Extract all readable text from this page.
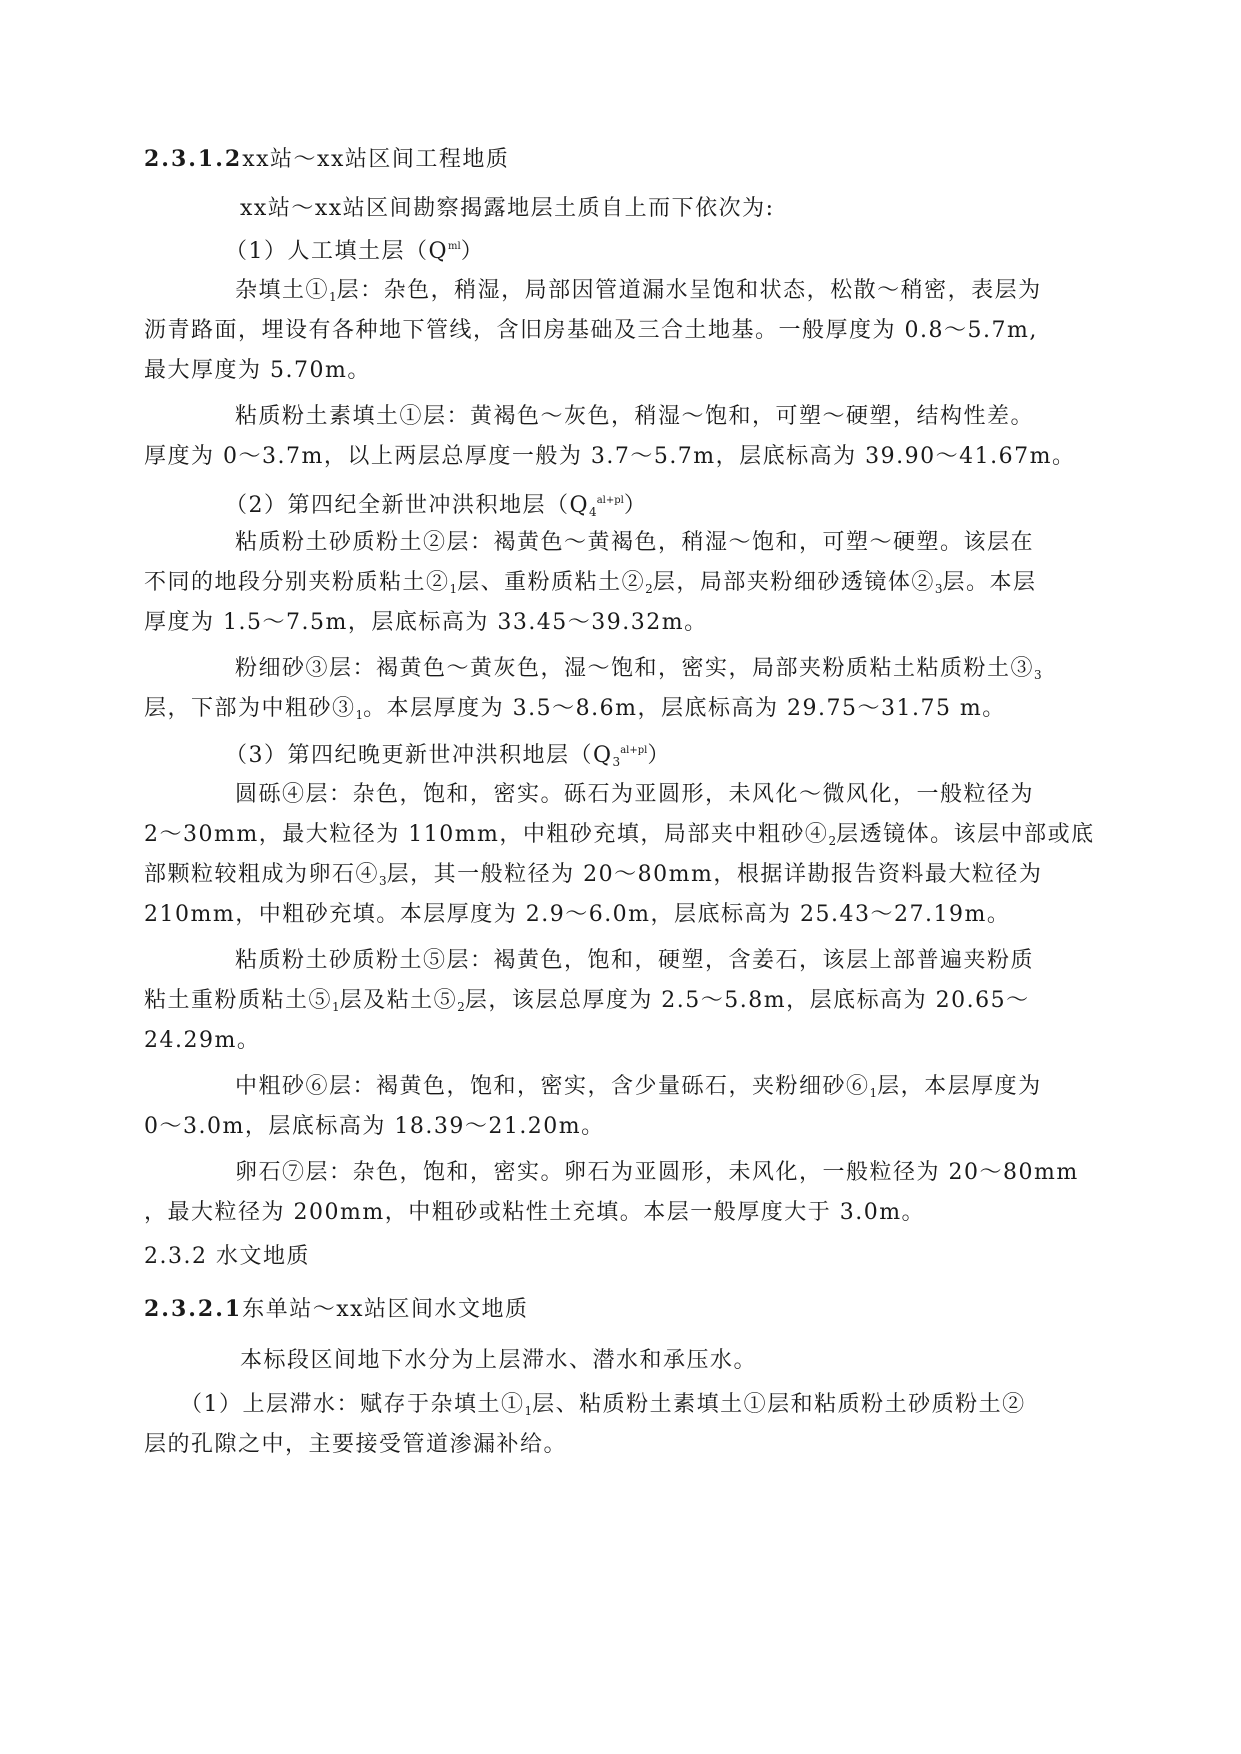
2.3.1.2xx站～xx站区间工程地质
xx站～xx站区间勘察揭露地层土质自上而下依次为:
（1）人工填土层$(Q^{ml})$
杂填土$①_1$层：杂色，稍湿，局部因管道漏水呈饱和状态，松散～稍密，表层为
沥青路面，埋设有各种地下管线，含旧房基础及三合土地基。一般厚度为 0.8～5.7m,
最大厚度为 5.70m。
粘质粉土素填土①层：黄褐色～灰色，稍湿～饱和，可塑～硬塑，结构性差。
厚度为 0～3.7m，以上两层总厚度一般为 3.7～5.7m，层底标高为 39.90～41.67m。
（2）第四纪全新世冲洪积地层$(Q_4^{al+pl})$
粘质粉土砂质粉土②层：褐黄色～黄褐色，稍湿～饱和，可塑～硬塑。该层在
不同的地段分别夹粉质粘土$②_1$层、重粉质粘土$②_2$层，局部夹粉细砂透镜体$②_3$层。本层
厚度为 1.5～7.5m，层底标高为 33.45～39.32m。
粉细砂③层：褐黄色～黄灰色，湿～饱和，密实，局部夹粉质粘土粘质粉土$③_3$
层，下部为中粗砂$③_1$。本层厚度为 3.5～8.6m，层底标高为 29.75～31.75 m。
（3）第四纪晚更新世冲洪积地层$(Q_3^{al+pl})$
圆砾④层：杂色，饱和，密实。砾石为亚圆形，未风化～微风化，一般粒径为
2～30mm，最大粒径为 110mm，中粗砂充填，局部夹中粗砂$④_2$层透镜体。该层中部或底
部颗粒较粗成为卵石$④_3$层，其一般粒径为 20～80mm，根据详勘报告资料最大粒径为
210mm，中粗砂充填。本层厚度为 2.9～6.0m，层底标高为 25.43～27.19m。
粘质粉土砂质粉土⑤层：褐黄色，饱和，硬塑，含姜石，该层上部普遍夹粉质
粘土重粉质粘土$⑤_1$层及粘土$⑤_2$层，该层总厚度为 2.5～5.8m，层底标高为 20.65～
24.29m。
中粗砂⑥层：褐黄色，饱和，密实，含少量砾石，夹粉细砂$⑥_1$层，本层厚度为
0～3.0m，层底标高为 18.39～21.20m。
卵石⑦层：杂色，饱和，密实。卵石为亚圆形，未风化，一般粒径为 20～80mm
，最大粒径为 200mm，中粗砂或粘性土充填。本层一般厚度大于 3.0m。
2.3.2 水文地质
2.3.2.1东单站～xx站区间水文地质
本标段区间地下水分为上层滞水、潜水和承压水。
（1）上层滞水：赋存于杂填土$①_1$层、粘质粉土素填土①层和粘质粉土砂质粉土②
层的孔隙之中，主要接受管道渗漏补给。
